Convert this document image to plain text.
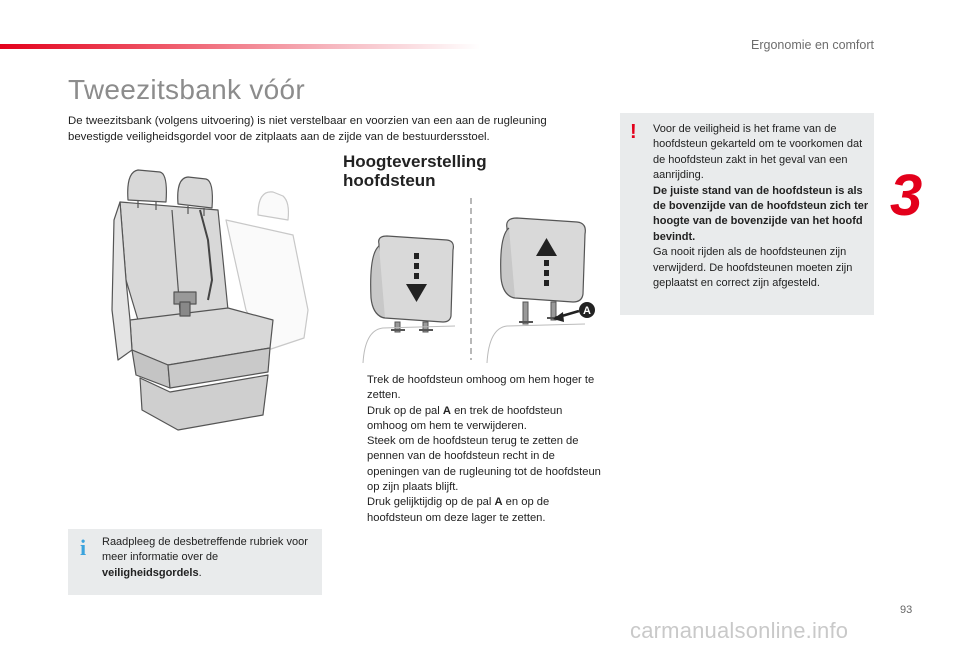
Ergonomie en comfort
Tweezitsbank vóór

De tweezitsbank (volgens uitvoering) is niet verstelbaar en voorzien van een aan de rugleuning bevestigde veiligheidsgordel voor de zitplaats aan de zijde van de bestuurdersstoel.

Hoogteverstelling
hoofdsteun
A
Trek de hoofdsteun omhoog om hem hoger te zetten.
Druk op de pal A en trek de hoofdsteun omhoog om hem te verwijderen.
Steek om de hoofdsteun terug te zetten de pennen van de hoofdsteun recht in de openingen van de rugleuning tot de hoofdsteun op zijn plaats blijft.
Druk gelijktijdig op de pal A en op de hoofdsteun om deze lager te zetten.
! Voor de veiligheid is het frame van de hoofdsteun gekarteld om te voorkomen dat de hoofdsteun zakt in het geval van een aanrijding.
De juiste stand van de hoofdsteun is als de bovenzijde van de hoofdsteun zich ter hoogte van de bovenzijde van het hoofd bevindt.
Ga nooit rijden als de hoofdsteunen zijn verwijderd. De hoofdsteunen moeten zijn geplaatst en correct zijn afgesteld.
3
i Raadpleeg de desbetreffende rubriek voor meer informatie over de veiligheidsgordels.
93
carmanualsonline.info
